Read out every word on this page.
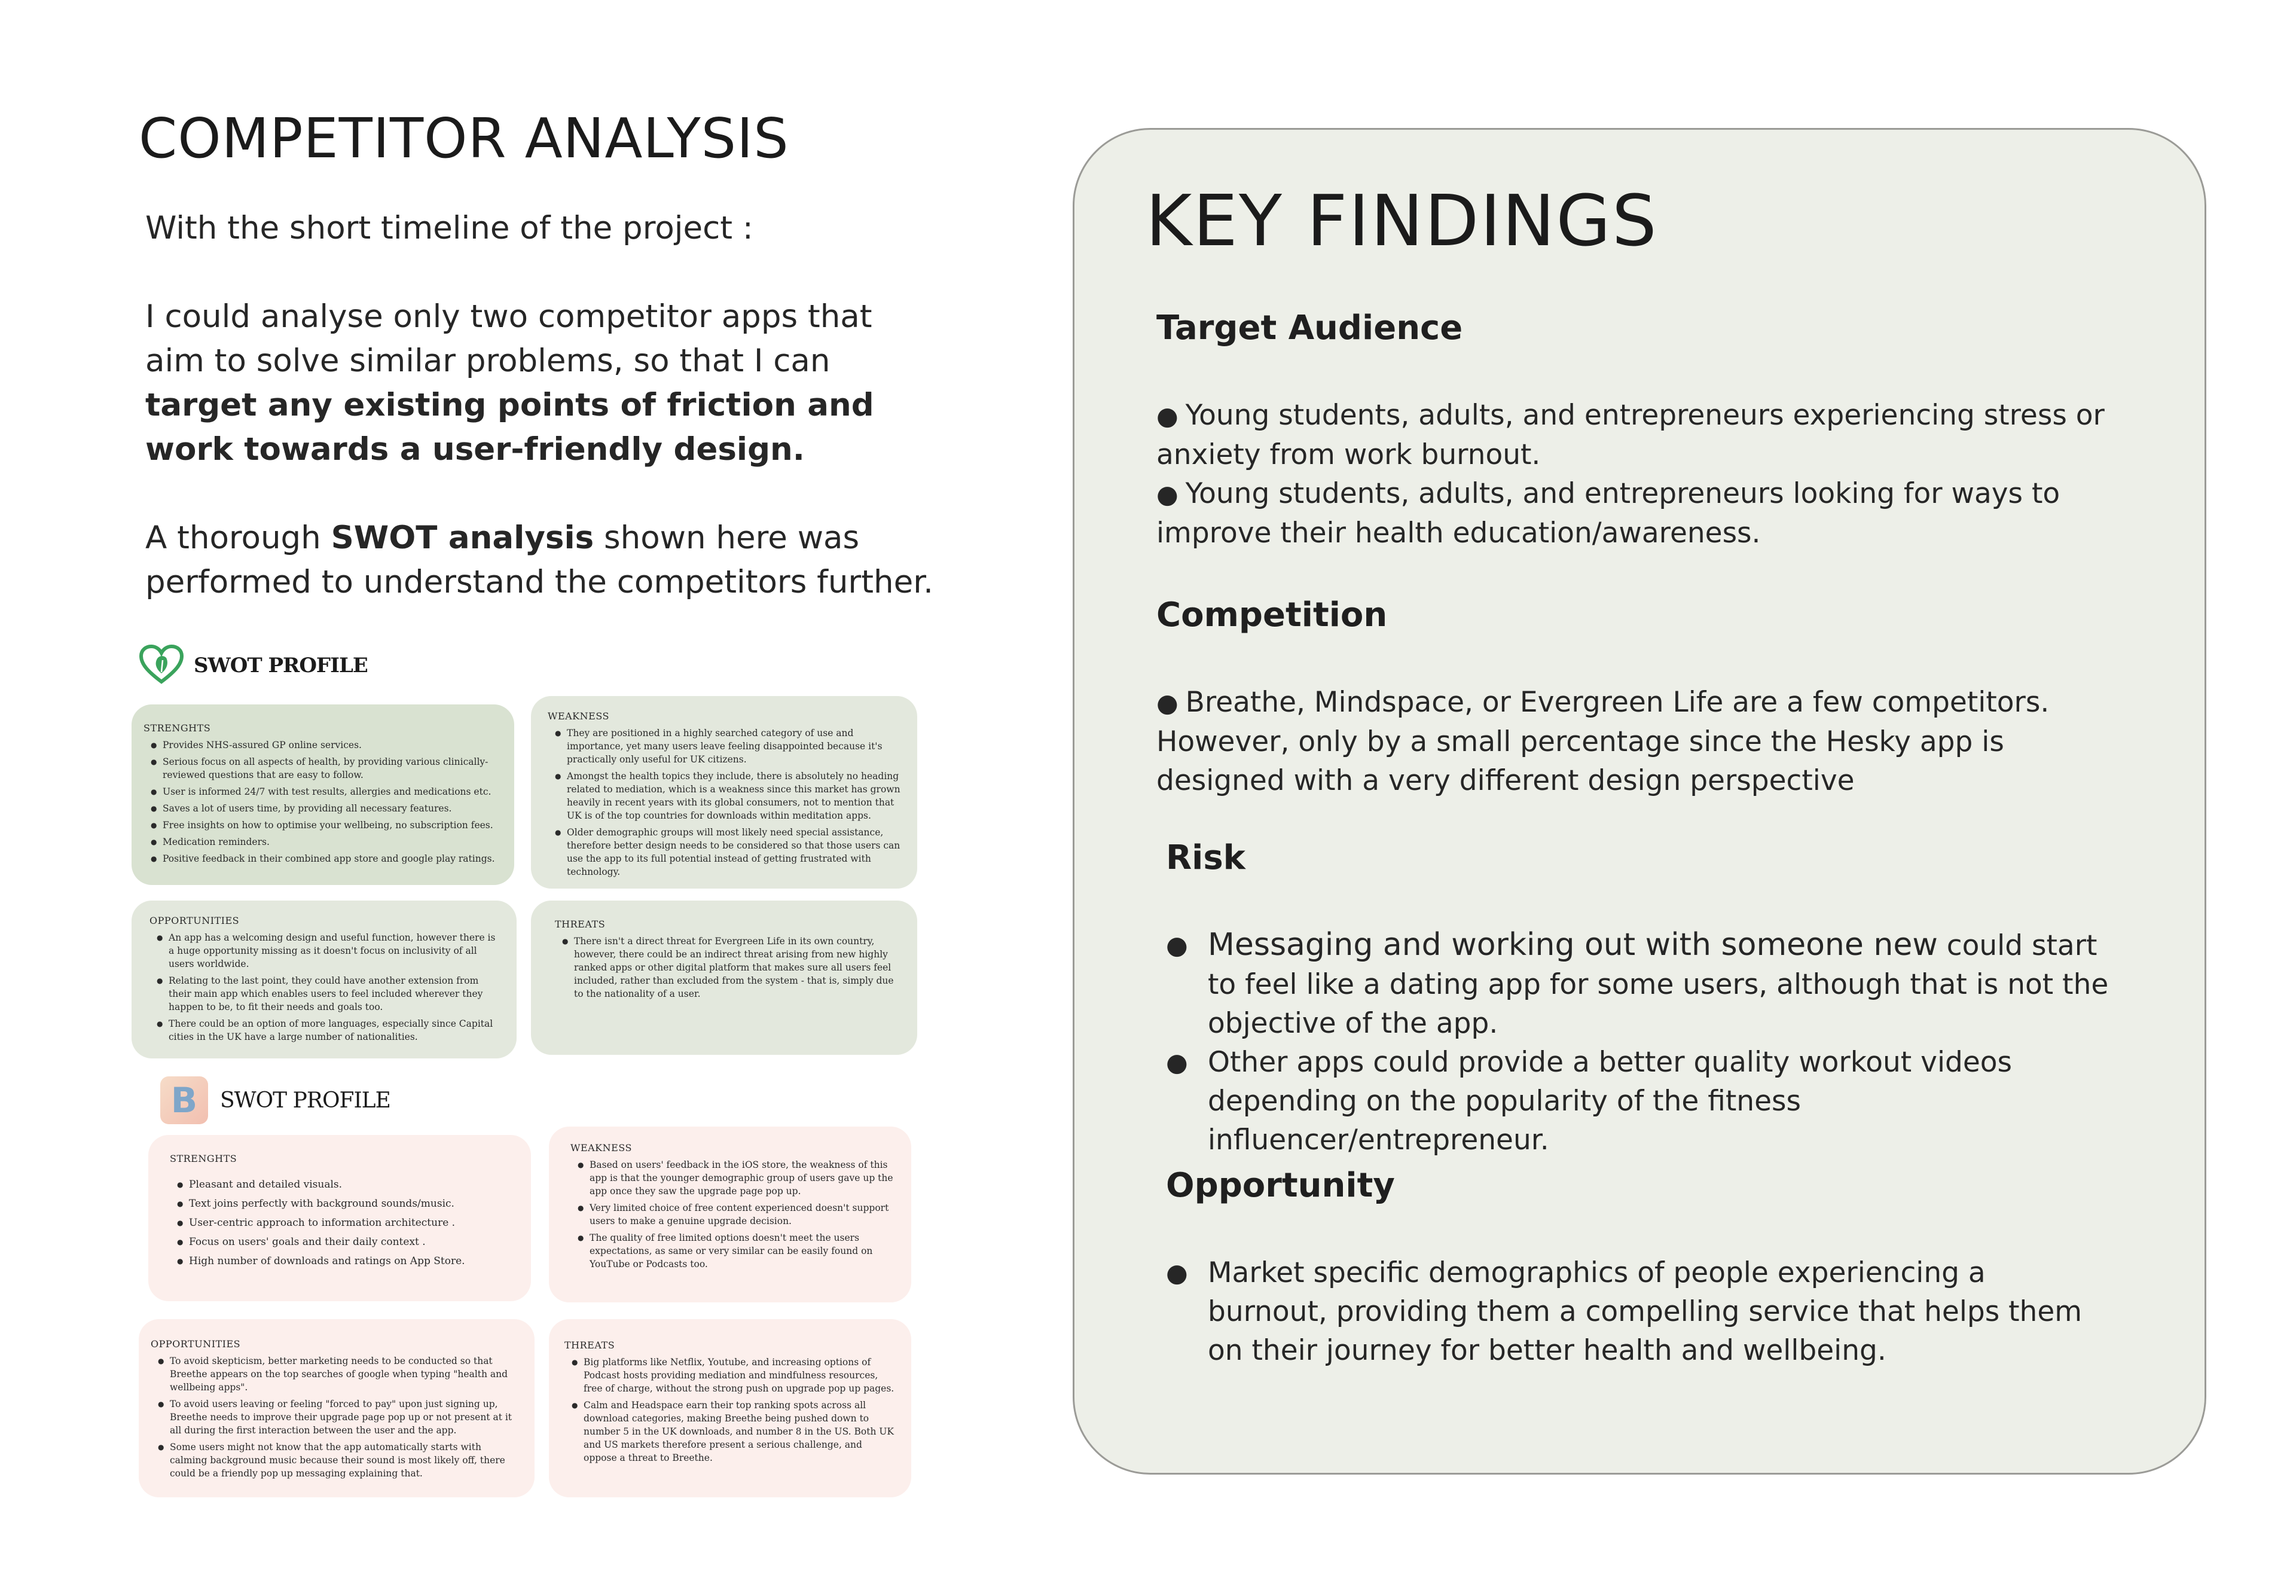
COMPETITOR ANALYSIS

With the short timeline of the project :

I could analyse only two competitor apps that aim to solve similar problems, so that I can target any existing points of friction and work towards a user-friendly design.

A thorough SWOT analysis shown here was performed to understand the competitors further.

SWOT PROFILE
STRENGHTS
● Provides NHS-assured GP online services.
● Serious focus on all aspects of health, by providing various clinically-reviewed questions that are easy to follow.
● User is informed 24/7 with test results, allergies and medications etc.
● Saves a lot of users time, by providing all necessary features.
● Free insights on how to optimise your wellbeing, no subscription fees.
● Medication reminders.
● Positive feedback in their combined app store and google play ratings.
WEAKNESS
● They are positioned in a highly searched category of use and importance, yet many users leave feeling disappointed because it's practically only useful for UK citizens.
● Amongst the health topics they include, there is absolutely no heading related to mediation, which is a weakness since this market has grown heavily in recent years with its global consumers, not to mention that UK is of the top countries for downloads within meditation apps.
● Older demographic groups will most likely need special assistance, therefore better design needs to be considered so that those users can use the app to its full potential instead of getting frustrated with technology.
OPPORTUNITIES
● An app has a welcoming design and useful function, however there is a huge opportunity missing as it doesn't focus on inclusivity of all users worldwide.
● Relating to the last point, they could have another extension from their main app which enables users to feel included wherever they happen to be, to fit their needs and goals too.
● There could be an option of more languages, especially since Capital cities in the UK have a large number of nationalities.
THREATS
● There isn't a direct threat for Evergreen Life in its own country, however, there could be an indirect threat arising from new highly ranked apps or other digital platform that makes sure all users feel included, rather than excluded from the system - that is, simply due to the nationality of a user.
B	SWOT PROFILE
STRENGHTS
● Pleasant and detailed visuals.
● Text joins perfectly with background sounds/music.
● User-centric approach to information architecture .
● Focus on users' goals and their daily context .
● High number of downloads and ratings on App Store.
WEAKNESS
● Based on users' feedback in the iOS store, the weakness of this app is that the younger demographic group of users gave up the app once they saw the upgrade page pop up.
● Very limited choice of free content experienced doesn't support users to make a genuine upgrade decision.
● The quality of free limited options doesn't meet the users expectations, as same or very similar can be easily found on YouTube or Podcasts too.
OPPORTUNITIES
● To avoid skepticism, better marketing needs to be conducted so that Breethe appears on the top searches of google when typing "health and wellbeing apps".
● To avoid users leaving or feeling "forced to pay" upon just signing up, Breethe needs to improve their upgrade page pop up or not present at it all during the first interaction between the user and the app.
● Some users might not know that the app automatically starts with calming background music because their sound is most likely off, there could be a friendly pop up messaging explaining that.
THREATS
● Big platforms like Netflix, Youtube, and increasing options of Podcast hosts providing mediation and mindfulness resources, free of charge, without the strong push on upgrade pop up pages.
● Calm and Headspace earn their top ranking spots across all download categories, making Breethe being pushed down to number 5 in the UK downloads, and number 8 in the US. Both UK and US markets therefore present a serious challenge, and oppose a threat to Breethe.
KEY FINDINGS
Target Audience
● Young students, adults, and entrepreneurs experiencing stress or anxiety from work burnout.
● Young students, adults, and entrepreneurs looking for ways to improve their health education/awareness.
Competition
● Breathe, Mindspace, or Evergreen Life are a few competitors. However, only by a small percentage since the Hesky app is designed with a very different design perspective
Risk
● Messaging and working out with someone new could start to feel like a dating app for some users, although that is not the objective of the app.
● Other apps could provide a better quality workout videos depending on the popularity of the fitness influencer/entrepreneur.
Opportunity
● Market specific demographics of people experiencing a burnout, providing them a compelling service that helps them on their journey for better health and wellbeing.
